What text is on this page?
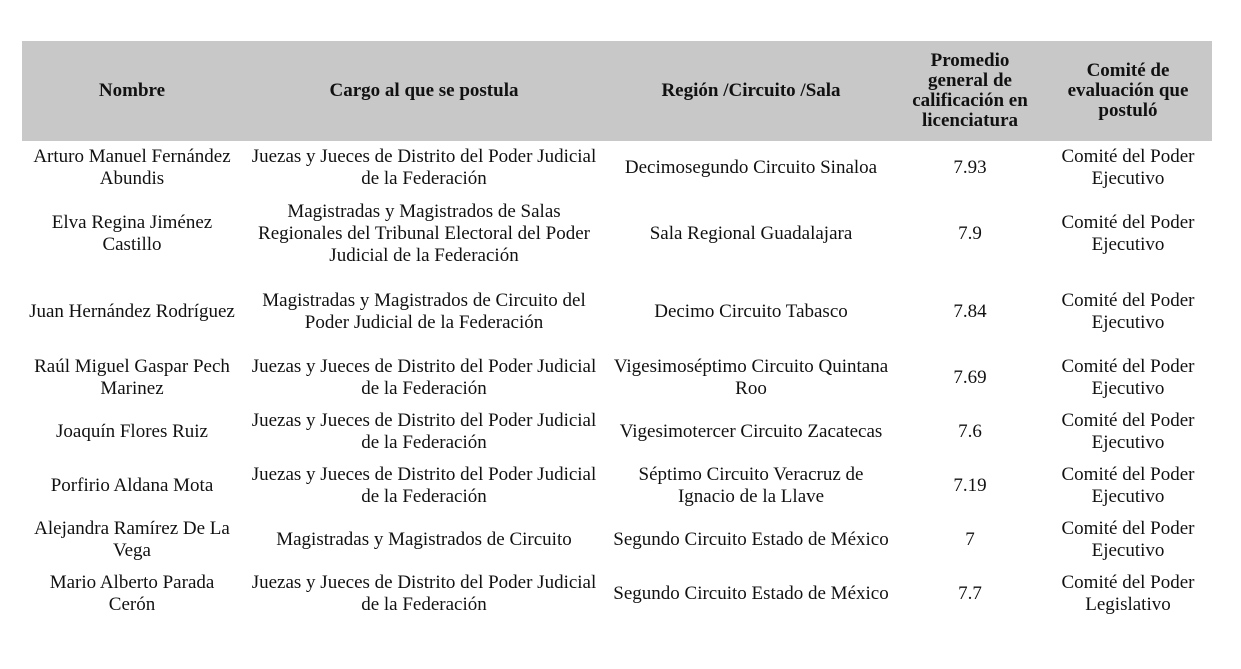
Nombre	Cargo al que se postula	Región /Circuito /Sala	Promedio general de calificación en licenciatura	Comité de evaluación que postuló
Arturo Manuel Fernández Abundis	Juezas y Jueces de Distrito del Poder Judicial de la Federación	Decimosegundo Circuito Sinaloa	7.93	Comité del Poder Ejecutivo
Elva Regina Jiménez Castillo	Magistradas y Magistrados de Salas Regionales del Tribunal Electoral del Poder Judicial de la Federación	Sala Regional Guadalajara	7.9	Comité del Poder Ejecutivo
Juan Hernández Rodríguez	Magistradas y Magistrados de Circuito del Poder Judicial de la Federación	Decimo Circuito Tabasco	7.84	Comité del Poder Ejecutivo
Raúl Miguel Gaspar Pech Marinez	Juezas y Jueces de Distrito del Poder Judicial de la Federación	Vigesimoséptimo Circuito Quintana Roo	7.69	Comité del Poder Ejecutivo
Joaquín Flores Ruiz	Juezas y Jueces de Distrito del Poder Judicial de la Federación	Vigesimotercer Circuito Zacatecas	7.6	Comité del Poder Ejecutivo
Porfirio Aldana Mota	Juezas y Jueces de Distrito del Poder Judicial de la Federación	Séptimo Circuito Veracruz de Ignacio de la Llave	7.19	Comité del Poder Ejecutivo
Alejandra Ramírez De La Vega	Magistradas y Magistrados de Circuito	Segundo Circuito Estado de México	7	Comité del Poder Ejecutivo
Mario Alberto Parada Cerón	Juezas y Jueces de Distrito del Poder Judicial de la Federación	Segundo Circuito Estado de México	7.7	Comité del Poder Legislativo
